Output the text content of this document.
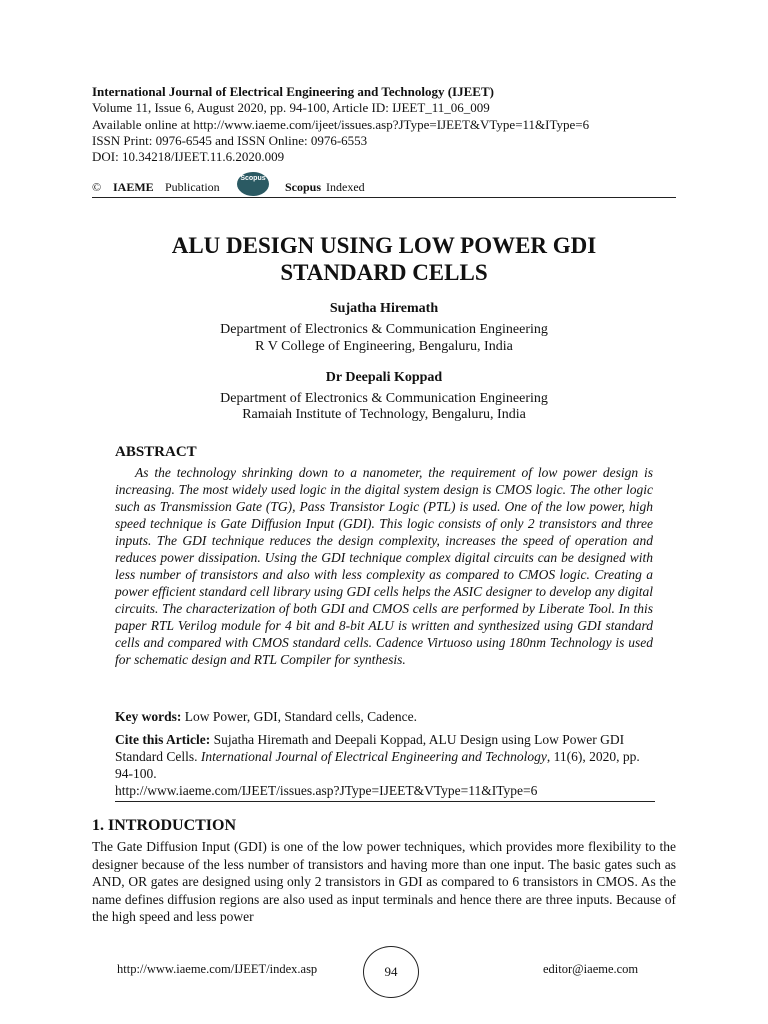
International Journal of Electrical Engineering and Technology (IJEET)
Volume 11, Issue 6, August 2020, pp. 94-100, Article ID: IJEET_11_06_009
Available online at http://www.iaeme.com/ijeet/issues.asp?JType=IJEET&VType=11&IType=6
ISSN Print: 0976-6545 and ISSN Online: 0976-6553
DOI: 10.34218/IJEET.11.6.2020.009
© IAEME Publication
Scopus
Scopus Indexed
ALU DESIGN USING LOW POWER GDI
STANDARD CELLS
Sujatha Hiremath
Department of Electronics & Communication Engineering
R V College of Engineering, Bengaluru, India
Dr Deepali Koppad
Department of Electronics & Communication Engineering
Ramaiah Institute of Technology, Bengaluru, India
ABSTRACT
As the technology shrinking down to a nanometer, the requirement of low power design is increasing. The most widely used logic in the digital system design is CMOS logic. The other logic such as Transmission Gate (TG), Pass Transistor Logic (PTL) is used. One of the low power, high speed technique is Gate Diffusion Input (GDI). This logic consists of only 2 transistors and three inputs. The GDI technique reduces the design complexity, increases the speed of operation and reduces power dissipation. Using the GDI technique complex digital circuits can be designed with less number of transistors and also with less complexity as compared to CMOS logic. Creating a power efficient standard cell library using GDI cells helps the ASIC designer to develop any digital circuits. The characterization of both GDI and CMOS cells are performed by Liberate Tool. In this paper RTL Verilog module for 4 bit and 8-bit ALU is written and synthesized using GDI standard cells and compared with CMOS standard cells. Cadence Virtuoso using 180nm Technology is used for schematic design and RTL Compiler for synthesis.
Key words: Low Power, GDI, Standard cells, Cadence.
Cite this Article: Sujatha Hiremath and Deepali Koppad, ALU Design using Low Power GDI Standard Cells. International Journal of Electrical Engineering and Technology, 11(6), 2020, pp. 94-100.
http://www.iaeme.com/IJEET/issues.asp?JType=IJEET&VType=11&IType=6
1. INTRODUCTION
The Gate Diffusion Input (GDI) is one of the low power techniques, which provides more flexibility to the designer because of the less number of transistors and having more than one input. The basic gates such as AND, OR gates are designed using only 2 transistors in GDI as compared to 6 transistors in CMOS. As the name defines diffusion regions are also used as input terminals and hence there are three inputs. Because of the high speed and less power
http://www.iaeme.com/IJEET/index.asp	94	editor@iaeme.com
